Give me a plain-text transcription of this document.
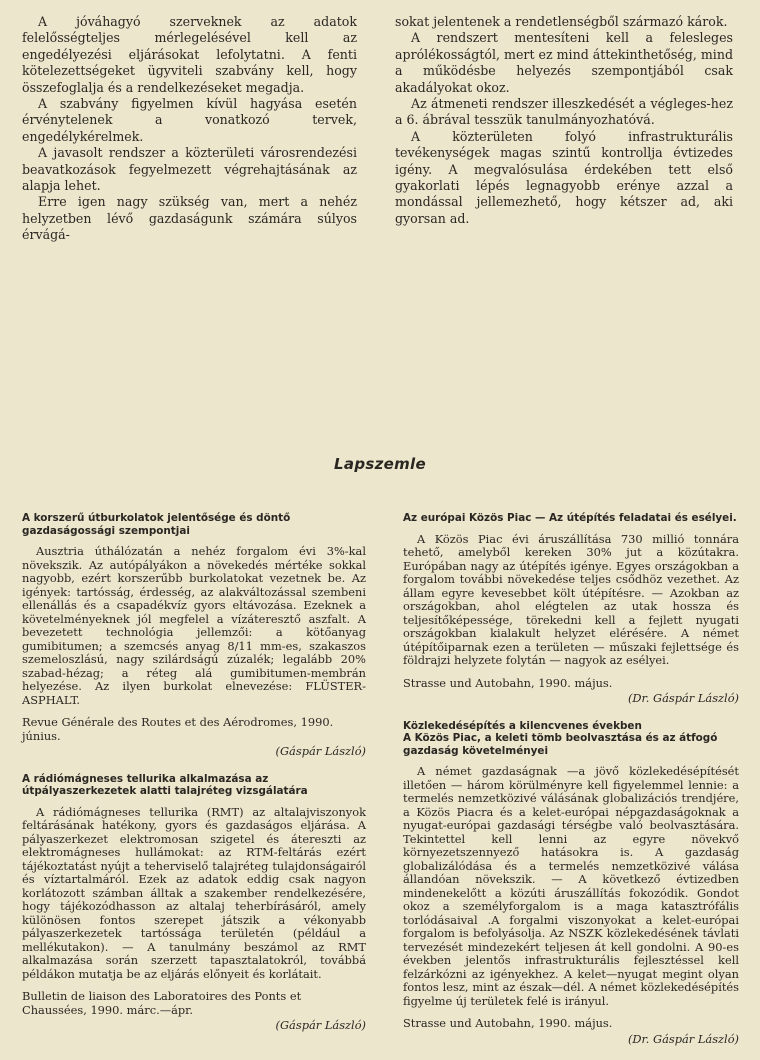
A jóváhagyó szerveknek az adatok felelősségteljes mérlegelésével kell az engedélyezési eljárásokat lefolytatni. A fenti kötelezettségeket ügyviteli szabvány kell, hogy összefoglalja és a rendelkezéseket megadja.

A szabvány figyelmen kívül hagyása esetén érvénytelenek a vonatkozó tervek, engedélykérelmek.

A javasolt rendszer a közterületi városrendezési beavatkozások fegyelmezett végrehajtásának az alapja lehet.

Erre igen nagy szükség van, mert a nehéz helyzetben lévő gazdaságunk számára súlyos érvágá-

sokat jelentenek a rendetlenségből származó károk.

A rendszert mentesíteni kell a felesleges aprólékosságtól, mert ez mind áttekinthetőség, mind a működésbe helyezés szempontjából csak akadályokat okoz.

Az átmeneti rendszer illeszkedését a végleges-hez a 6. ábrával tesszük tanulmányozhatóvá.

A közterületen folyó infrastrukturális tevékenységek magas szintű kontrollja évtizedes igény. A megvalósulása érdekében tett első gyakorlati lépés legnagyobb erénye azzal a mondással jellemezhető, hogy kétszer ad, aki gyorsan ad.

Lapszemle
A korszerű útburkolatok jelentősége és döntő gazdaságossági szempontjai

Ausztria úthálózatán a nehéz forgalom évi 3%-kal növekszik. Az autópályákon a növekedés mértéke sokkal nagyobb, ezért korszerűbb burkolatokat vezetnek be. Az igények: tartósság, érdesség, az alakváltozással szembeni ellenállás és a csapadékvíz gyors eltávozása. Ezeknek a követelményeknek jól megfelel a vízáteresztő aszfalt. A bevezetett technológia jellemzői: a kötőanyag gumibitumen; a szemcsés anyag 8/11 mm-es, szakaszos szemeloszlású, nagy szilárdságú zúzalék; legalább 20% szabad-hézag; a réteg alá gumibitumen-membrán helyezése. Az ilyen burkolat elnevezése: FLÜSTER-ASPHALT.

Revue Générale des Routes et des Aérodromes, 1990. június.

(Gáspár László)

A rádiómágneses tellurika alkalmazása az útpályaszerkezetek alatti talajréteg vizsgálatára

A rádiómágneses tellurika (RMT) az altalajviszonyok feltárásának hatékony, gyors és gazdaságos eljárása. A pályaszerkezet elektromosan szigetel és átereszti az elektromágneses hullámokat: az RTM-feltárás ezért tájékoztatást nyújt a teherviselő talajréteg tulajdonságairól és víztartalmáról. Ezek az adatok eddig csak nagyon korlátozott számban álltak a szakember rendelkezésére, hogy tájékozódhasson az altalaj teherbírásáról, amely különösen fontos szerepet játszik a vékonyabb pályaszerkezetek tartóssága területén (például a mellékutakon). — A tanulmány beszámol az RMT alkalmazása során szerzett tapasztalatokról, továbbá példákon mutatja be az eljárás előnyeit és korlátait.

Bulletin de liaison des Laboratoires des Ponts et Chaussées, 1990. márc.—ápr.

(Gáspár László)

Az európai Közös Piac — Az útépítés feladatai és esélyei.

A Közös Piac évi áruszállítása 730 millió tonnára tehető, amelyből kereken 30% jut a közútakra. Európában nagy az útépítés igénye. Egyes országokban a forgalom további növekedése teljes csődhöz vezethet. Az állam egyre kevesebbet költ útépítésre. — Azokban az országokban, ahol elégtelen az utak hossza és teljesítőképessége, törekedni kell a fejlett nyugati országokban kialakult helyzet elérésére. A német útépítőiparnak ezen a területen — műszaki fejlettsége és földrajzi helyzete folytán — nagyok az esélyei.

Strasse und Autobahn, 1990. május.

(Dr. Gáspár László)

Közlekedésépítés a kilencvenes években
A Közös Piac, a keleti tömb beolvasztása és az átfogó gazdaság követelményei

A német gazdaságnak —a jövő közlekedésépítését illetően — három körülményre kell figyelemmel lennie: a termelés nemzetközivé válásának globalizációs trendjére, a Közös Piacra és a kelet-európai népgazdaságoknak a nyugat-európai gazdasági térségbe való beolvasztására. Tekintettel kell lenni az egyre növekvő környezetszennyező hatásokra is. A gazdaság globalizálódása és a termelés nemzetközivé válása állandóan növekszik. — A következő évtizedben mindenekelőtt a közúti áruszállítás fokozódik. Gondot okoz a személyforgalom is a maga katasztrófális torlódásaival .A forgalmi viszonyokat a kelet-európai forgalom is befolyásolja. Az NSZK közlekedésének távlati tervezését mindezekért teljesen át kell gondolni. A 90-es években jelentős infrastrukturális fejlesztéssel kell felzárkózni az igényekhez. A kelet—nyugat megint olyan fontos lesz, mint az észak—dél. A német közlekedésépítés figyelme új területek felé is irányul.

Strasse und Autobahn, 1990. május.

(Dr. Gáspár László)
